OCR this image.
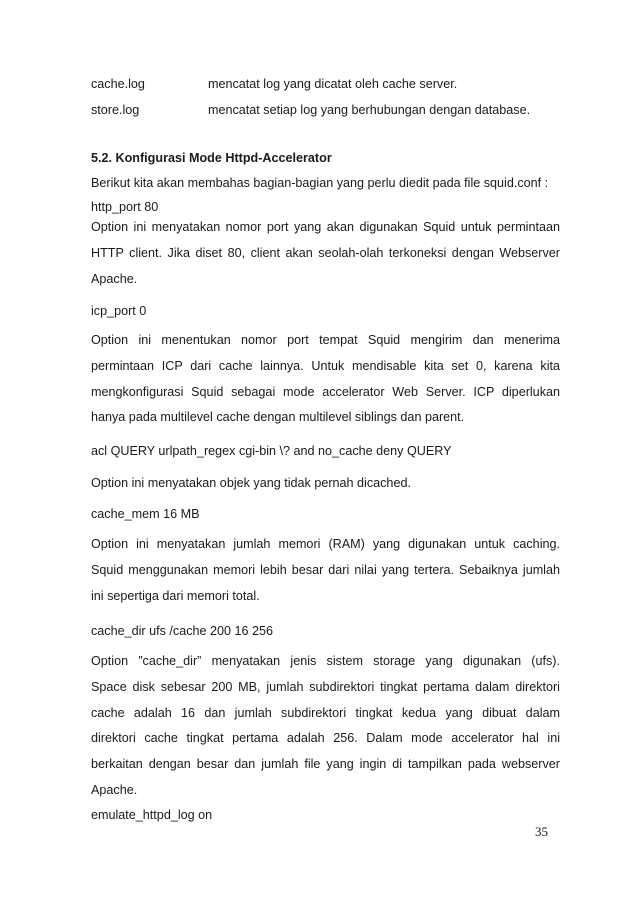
cache.log	mencatat log yang dicatat oleh cache server.
store.log	mencatat setiap log yang berhubungan dengan database.
5.2. Konfigurasi Mode Httpd-Accelerator
Berikut kita akan membahas bagian-bagian yang perlu diedit pada file squid.conf :
http_port 80
Option ini menyatakan nomor port yang akan digunakan Squid untuk permintaan
HTTP client. Jika diset 80, client akan seolah-olah terkoneksi dengan Webserver
Apache.
icp_port 0
Option ini menentukan nomor port tempat Squid mengirim dan menerima
permintaan ICP dari cache lainnya. Untuk mendisable kita set 0, karena kita
mengkonfigurasi Squid sebagai mode accelerator Web Server. ICP diperlukan
hanya pada multilevel cache dengan multilevel siblings dan parent.
acl QUERY urlpath_regex cgi-bin \? and no_cache deny QUERY
Option ini menyatakan objek yang tidak pernah dicached.
cache_mem 16 MB
Option ini menyatakan jumlah memori (RAM) yang digunakan untuk caching.
Squid menggunakan memori lebih besar dari nilai yang tertera. Sebaiknya jumlah
ini sepertiga dari memori total.
cache_dir ufs /cache 200 16 256
Option ”cache_dir” menyatakan jenis sistem storage yang digunakan (ufs).
Space disk sebesar 200 MB, jumlah subdirektori tingkat pertama dalam direktori
cache adalah 16 dan jumlah subdirektori tingkat kedua yang dibuat dalam
direktori cache tingkat pertama adalah 256. Dalam mode accelerator hal ini
berkaitan dengan besar dan jumlah file yang ingin di tampilkan pada webserver
Apache.
emulate_httpd_log on
35
